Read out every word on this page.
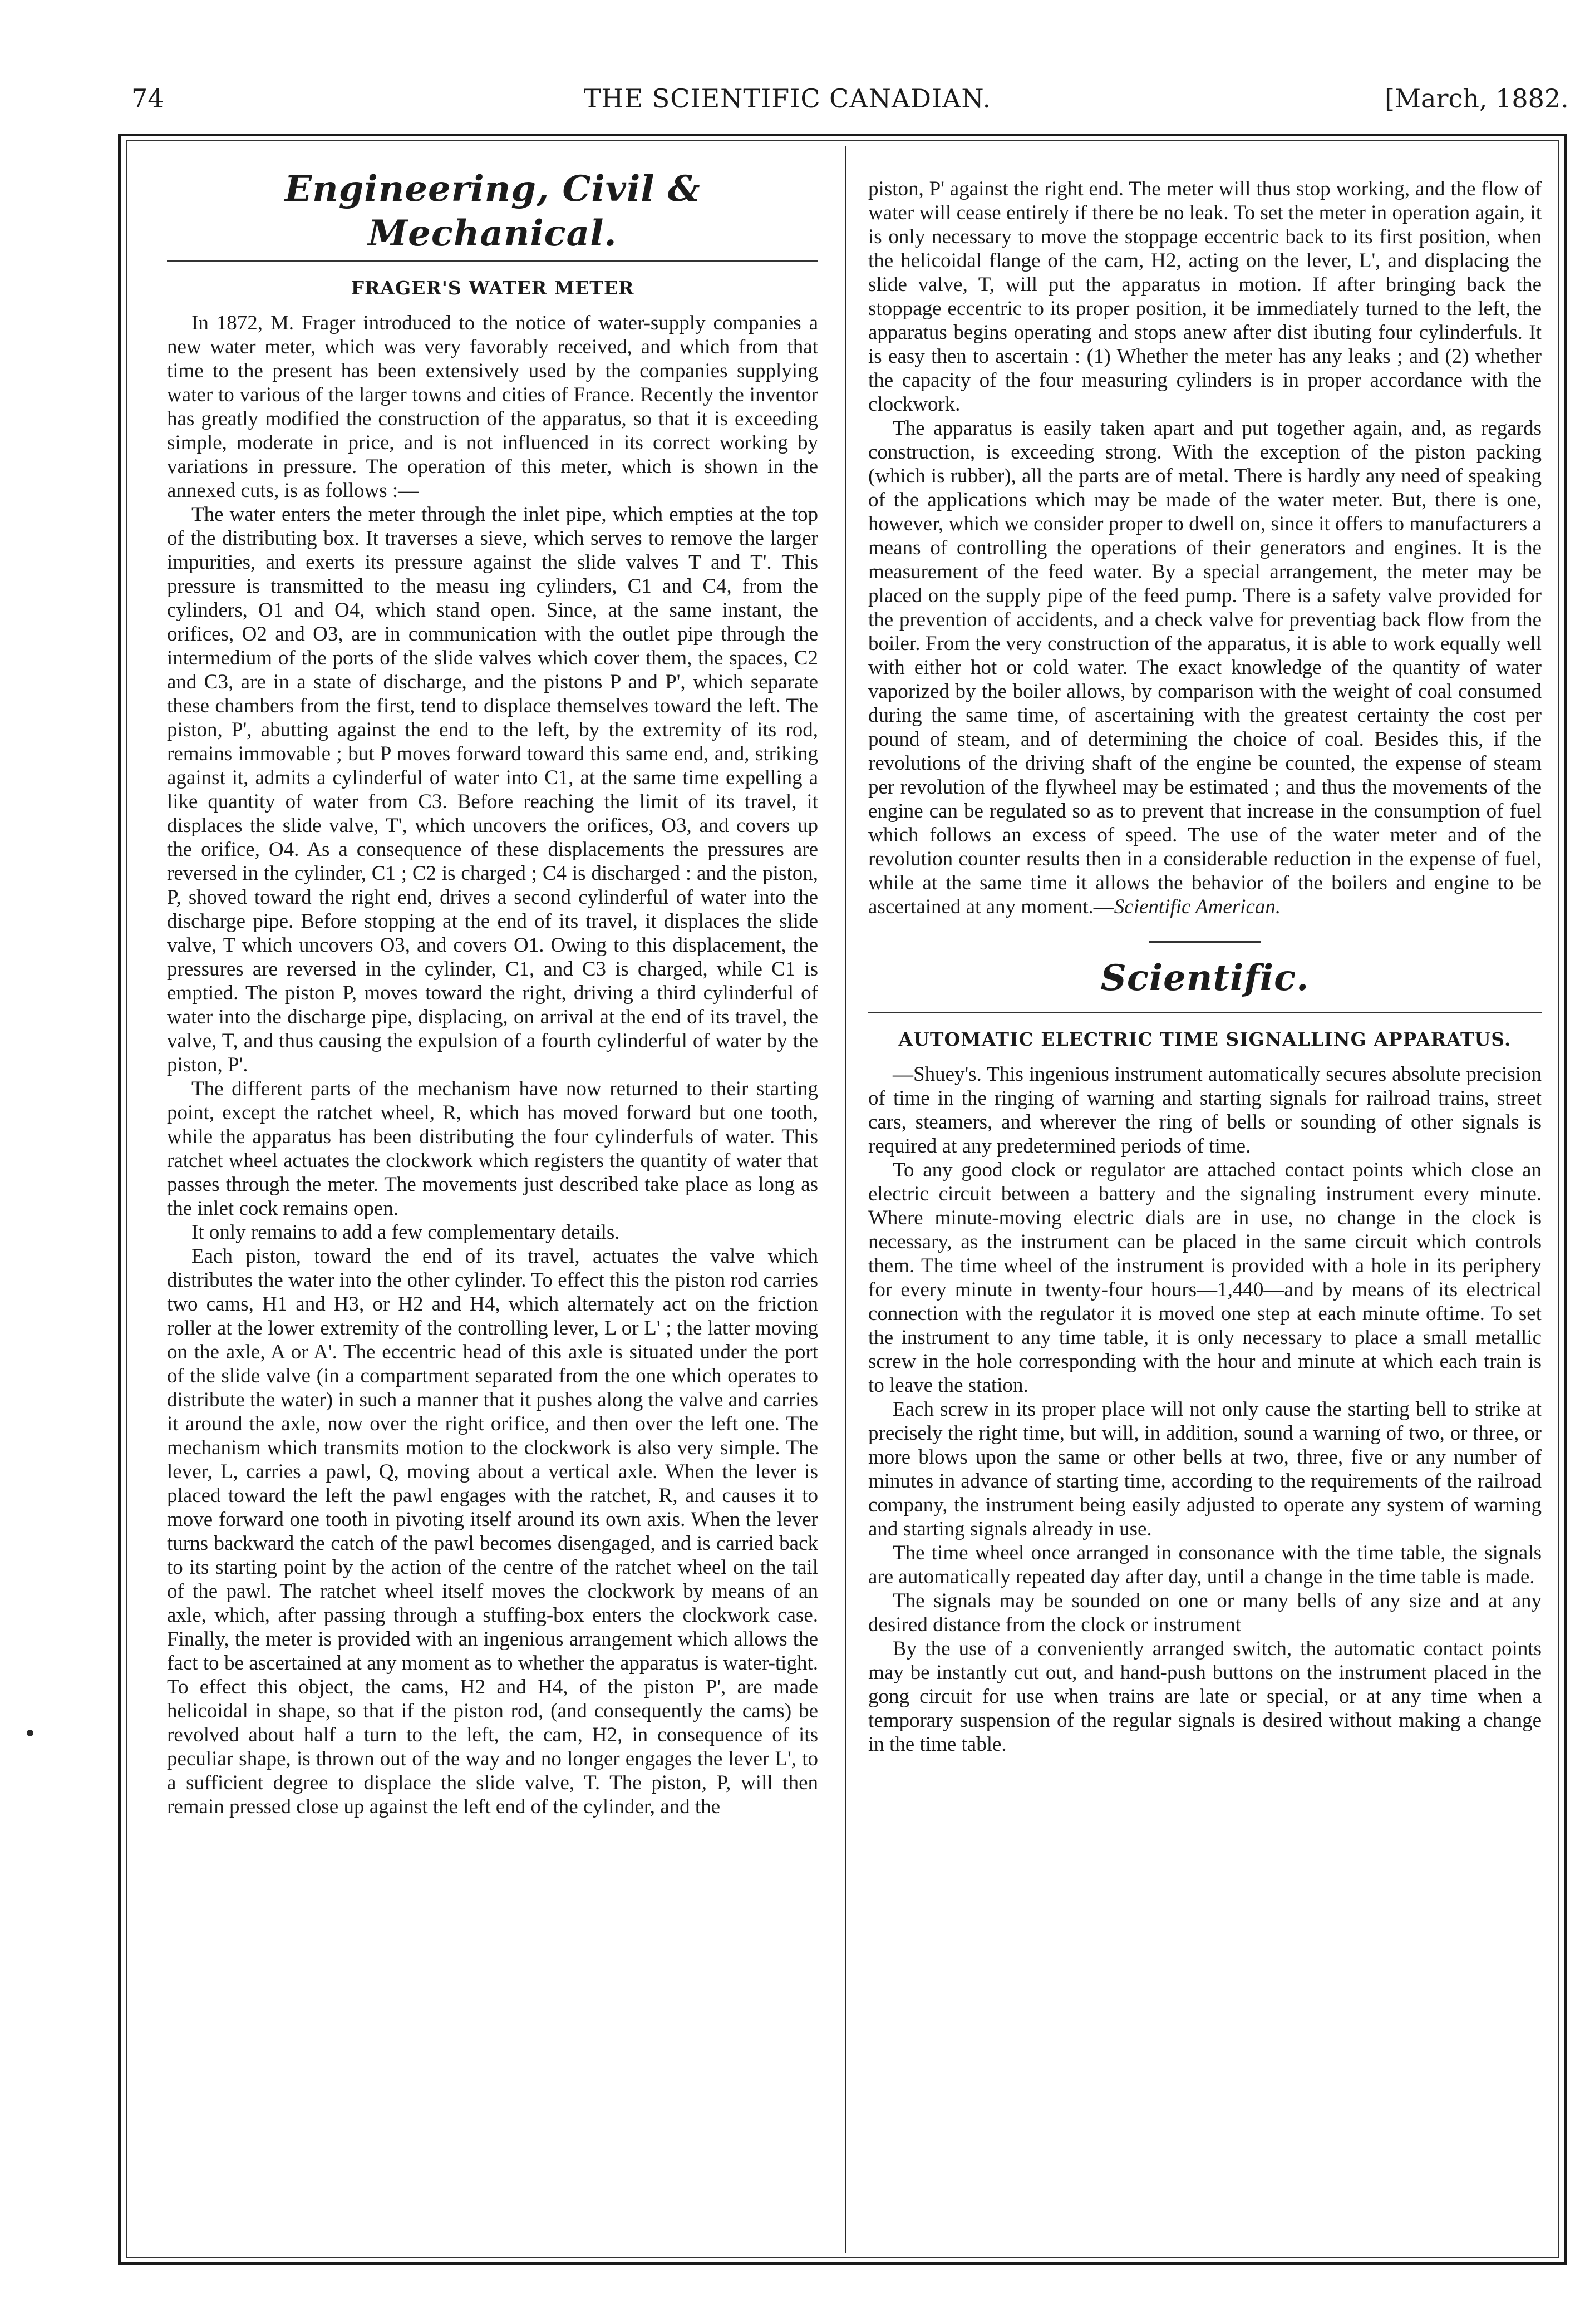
THE SCIENTIFIC CANADIAN.
74	[March, 1882.
Engineering, Civil & Mechanical.
FRAGER'S WATER METER

In 1872, M. Frager introduced to the notice of water-supply companies a new water meter, which was very favorably received, and which from that time to the present has been extensively used by the companies supplying water to various of the larger towns and cities of France. Recently the inventor has greatly modified the construction of the apparatus, so that it is exceeding simple, moderate in price, and is not influenced in its correct working by variations in pressure. The operation of this meter, which is shown in the annexed cuts, is as follows :—

The water enters the meter through the inlet pipe, which empties at the top of the distributing box. It traverses a sieve, which serves to remove the larger impurities, and exerts its pressure against the slide valves T and T'. This pressure is transmitted to the measu ing cylinders, C1 and C4, from the cylinders, O1 and O4, which stand open. Since, at the same instant, the orifices, O2 and O3, are in communication with the outlet pipe through the intermedium of the ports of the slide valves which cover them, the spaces, C2 and C3, are in a state of discharge, and the pistons P and P', which separate these chambers from the first, tend to displace themselves toward the left. The piston, P', abutting against the end to the left, by the extremity of its rod, remains immovable ; but P moves forward toward this same end, and, striking against it, admits a cylinderful of water into C1, at the same time expelling a like quantity of water from C3. Before reaching the limit of its travel, it displaces the slide valve, T', which uncovers the orifices, O3, and covers up the orifice, O4. As a consequence of these displacements the pressures are reversed in the cylinder, C1 ; C2 is charged ; C4 is discharged : and the piston, P, shoved toward the right end, drives a second cylinderful of water into the discharge pipe. Before stopping at the end of its travel, it displaces the slide valve, T which uncovers O3, and covers O1. Owing to this displacement, the pressures are reversed in the cylinder, C1, and C3 is charged, while C1 is emptied. The piston P, moves toward the right, driving a third cylinderful of water into the discharge pipe, displacing, on arrival at the end of its travel, the valve, T, and thus causing the expulsion of a fourth cylinderful of water by the piston, P'.

The different parts of the mechanism have now returned to their starting point, except the ratchet wheel, R, which has moved forward but one tooth, while the apparatus has been distributing the four cylinderfuls of water. This ratchet wheel actuates the clockwork which registers the quantity of water that passes through the meter. The movements just described take place as long as the inlet cock remains open.

It only remains to add a few complementary details.

Each piston, toward the end of its travel, actuates the valve which distributes the water into the other cylinder. To effect this the piston rod carries two cams, H1 and H3, or H2 and H4, which alternately act on the friction roller at the lower extremity of the controlling lever, L or L' ; the latter moving on the axle, A or A'. The eccentric head of this axle is situated under the port of the slide valve (in a compartment separated from the one which operates to distribute the water) in such a manner that it pushes along the valve and carries it around the axle, now over the right orifice, and then over the left one. The mechanism which transmits motion to the clockwork is also very simple. The lever, L, carries a pawl, Q, moving about a vertical axle. When the lever is placed toward the left the pawl engages with the ratchet, R, and causes it to move forward one tooth in pivoting itself around its own axis. When the lever turns backward the catch of the pawl becomes disengaged, and is carried back to its starting point by the action of the centre of the ratchet wheel on the tail of the pawl. The ratchet wheel itself moves the clockwork by means of an axle, which, after passing through a stuffing-box enters the clockwork case. Finally, the meter is provided with an ingenious arrangement which allows the fact to be ascertained at any moment as to whether the apparatus is water-tight. To effect this object, the cams, H2 and H4, of the piston P', are made helicoidal in shape, so that if the piston rod, (and consequently the cams) be revolved about half a turn to the left, the cam, H2, in consequence of its peculiar shape, is thrown out of the way and no longer engages the lever L', to a sufficient degree to displace the slide valve, T. The piston, P, will then remain pressed close up against the left end of the cylinder, and the

piston, P' against the right end. The meter will thus stop working, and the flow of water will cease entirely if there be no leak. To set the meter in operation again, it is only necessary to move the stoppage eccentric back to its first position, when the helicoidal flange of the cam, H2, acting on the lever, L', and displacing the slide valve, T, will put the apparatus in motion. If after bringing back the stoppage eccentric to its proper position, it be immediately turned to the left, the apparatus begins operating and stops anew after dist ibuting four cylinderfuls. It is easy then to ascertain : (1) Whether the meter has any leaks ; and (2) whether the capacity of the four measuring cylinders is in proper accordance with the clockwork.

The apparatus is easily taken apart and put together again, and, as regards construction, is exceeding strong. With the exception of the piston packing (which is rubber), all the parts are of metal. There is hardly any need of speaking of the applications which may be made of the water meter. But, there is one, however, which we consider proper to dwell on, since it offers to manufacturers a means of controlling the operations of their generators and engines. It is the measurement of the feed water. By a special arrangement, the meter may be placed on the supply pipe of the feed pump. There is a safety valve provided for the prevention of accidents, and a check valve for preventiag back flow from the boiler. From the very construction of the apparatus, it is able to work equally well with either hot or cold water. The exact knowledge of the quantity of water vaporized by the boiler allows, by comparison with the weight of coal consumed during the same time, of ascertaining with the greatest certainty the cost per pound of steam, and of determining the choice of coal. Besides this, if the revolutions of the driving shaft of the engine be counted, the expense of steam per revolution of the flywheel may be estimated ; and thus the movements of the engine can be regulated so as to prevent that increase in the consumption of fuel which follows an excess of speed. The use of the water meter and of the revolution counter results then in a considerable reduction in the expense of fuel, while at the same time it allows the behavior of the boilers and engine to be ascertained at any moment.—Scientific American.

Scientific.
AUTOMATIC ELECTRIC TIME SIGNALLING APPARATUS.

—Shuey's. This ingenious instrument automatically secures absolute precision of time in the ringing of warning and starting signals for railroad trains, street cars, steamers, and wherever the ring of bells or sounding of other signals is required at any predetermined periods of time.

To any good clock or regulator are attached contact points which close an electric circuit between a battery and the signaling instrument every minute. Where minute-moving electric dials are in use, no change in the clock is necessary, as the instrument can be placed in the same circuit which controls them. The time wheel of the instrument is provided with a hole in its periphery for every minute in twenty-four hours—1,440—and by means of its electrical connection with the regulator it is moved one step at each minute oftime. To set the instrument to any time table, it is only necessary to place a small metallic screw in the hole corresponding with the hour and minute at which each train is to leave the station.

Each screw in its proper place will not only cause the starting bell to strike at precisely the right time, but will, in addition, sound a warning of two, or three, or more blows upon the same or other bells at two, three, five or any number of minutes in advance of starting time, according to the requirements of the railroad company, the instrument being easily adjusted to operate any system of warning and starting signals already in use.

The time wheel once arranged in consonance with the time table, the signals are automatically repeated day after day, until a change in the time table is made.

The signals may be sounded on one or many bells of any size and at any desired distance from the clock or instrument

By the use of a conveniently arranged switch, the automatic contact points may be instantly cut out, and hand-push buttons on the instrument placed in the gong circuit for use when trains are late or special, or at any time when a temporary suspension of the regular signals is desired without making a change in the time table.
